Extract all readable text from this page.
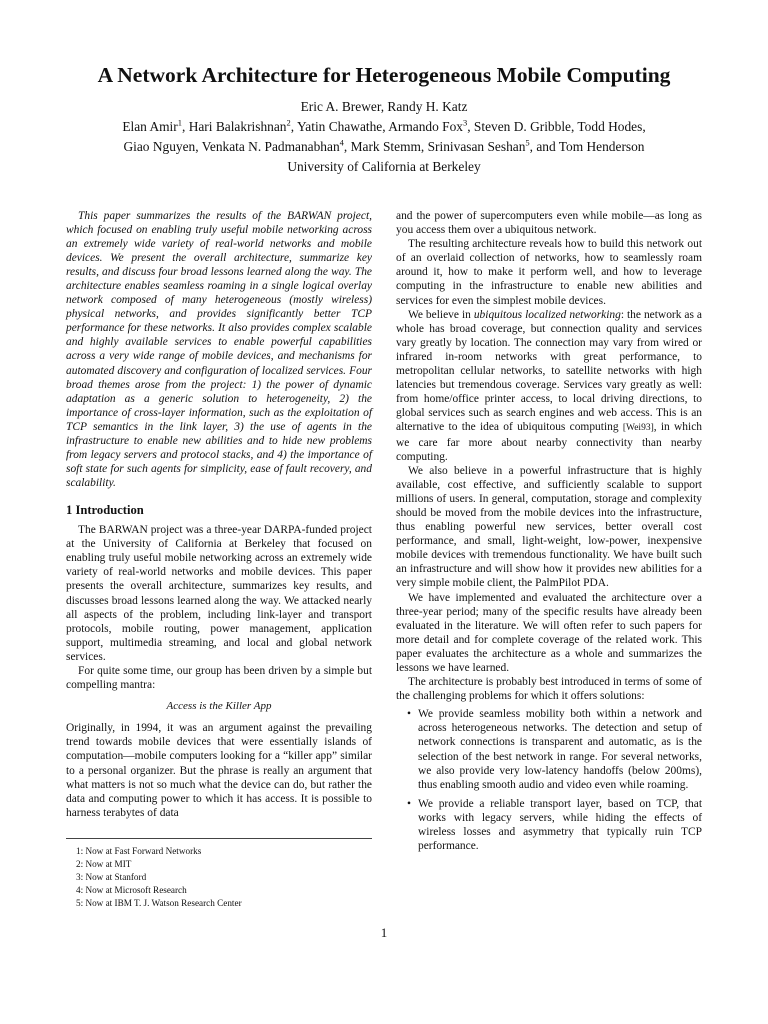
A Network Architecture for Heterogeneous Mobile Computing
Eric A. Brewer, Randy H. Katz
Elan Amir$^1$, Hari Balakrishnan$^2$, Yatin Chawathe, Armando Fox$^3$, Steven D. Gribble, Todd Hodes,
Giao Nguyen, Venkata N. Padmanabhan$^4$, Mark Stemm, Srinivasan Seshan$^5$, and Tom Henderson
University of California at Berkeley

This paper summarizes the results of the BARWAN project, which focused on enabling truly useful mobile networking across an extremely wide variety of real-world networks and mobile devices. We present the overall architecture, summarize key results, and discuss four broad lessons learned along the way. The architecture enables seamless roaming in a single logical overlay network composed of many heterogeneous (mostly wireless) physical networks, and provides significantly better TCP performance for these networks. It also provides complex scalable and highly available services to enable powerful capabilities across a very wide range of mobile devices, and mechanisms for automated discovery and configuration of localized services. Four broad themes arose from the project: 1) the power of dynamic adaptation as a generic solution to heterogeneity, 2) the importance of cross-layer information, such as the exploitation of TCP semantics in the link layer, 3) the use of agents in the infrastructure to enable new abilities and to hide new problems from legacy servers and protocol stacks, and 4) the importance of soft state for such agents for simplicity, ease of fault recovery, and scalability.

1 Introduction

The BARWAN project was a three-year DARPA-funded project at the University of California at Berkeley that focused on enabling truly useful mobile networking across an extremely wide variety of real-world networks and mobile devices. This paper presents the overall architecture, summarizes key results, and discusses broad lessons learned along the way. We attacked nearly all aspects of the problem, including link-layer and transport protocols, mobile routing, power management, application support, multimedia streaming, and local and global network services.

For quite some time, our group has been driven by a simple but compelling mantra:

Access is the Killer App

Originally, in 1994, it was an argument against the prevailing trend towards mobile devices that were essentially islands of computation—mobile computers looking for a “killer app” similar to a personal organizer. But the phrase is really an argument that what matters is not so much what the device can do, but rather the data and computing power to which it has access. It is possible to harness terabytes of data

and the power of supercomputers even while mobile—as long as you access them over a ubiquitous network.

The resulting architecture reveals how to build this network out of an overlaid collection of networks, how to seamlessly roam around it, how to make it perform well, and how to leverage computing in the infrastructure to enable new abilities and services for even the simplest mobile devices.

We believe in ubiquitous localized networking: the network as a whole has broad coverage, but connection quality and services vary greatly by location. The connection may vary from wired or infrared in-room networks with great performance, to metropolitan cellular networks, to satellite networks with high latencies but tremendous coverage. Services vary greatly as well: from home/office printer access, to local driving directions, to global services such as search engines and web access. This is an alternative to the idea of ubiquitous computing [Wei93], in which we care far more about nearby connectivity than nearby computing.

We also believe in a powerful infrastructure that is highly available, cost effective, and sufficiently scalable to support millions of users. In general, computation, storage and complexity should be moved from the mobile devices into the infrastructure, thus enabling powerful new services, better overall cost performance, and small, light-weight, low-power, inexpensive mobile devices with tremendous functionality. We have built such an infrastructure and will show how it provides new abilities for a very simple mobile client, the PalmPilot PDA.

We have implemented and evaluated the architecture over a three-year period; many of the specific results have already been evaluated in the literature. We will often refer to such papers for more detail and for complete coverage of the related work. This paper evaluates the architecture as a whole and summarizes the lessons we have learned.

The architecture is probably best introduced in terms of some of the challenging problems for which it offers solutions:

• We provide seamless mobility both within a network and across heterogeneous networks. The detection and setup of network connections is transparent and automatic, as is the selection of the best network in range. For several networks, we also provide very low-latency handoffs (below 200ms), thus enabling smooth audio and video even while roaming.
• We provide a reliable transport layer, based on TCP, that works with legacy servers, while hiding the effects of wireless losses and asymmetry that typically ruin TCP performance.
1: Now at Fast Forward Networks
2: Now at MIT
3: Now at Stanford
4: Now at Microsoft Research
5: Now at IBM T. J. Watson Research Center
1
